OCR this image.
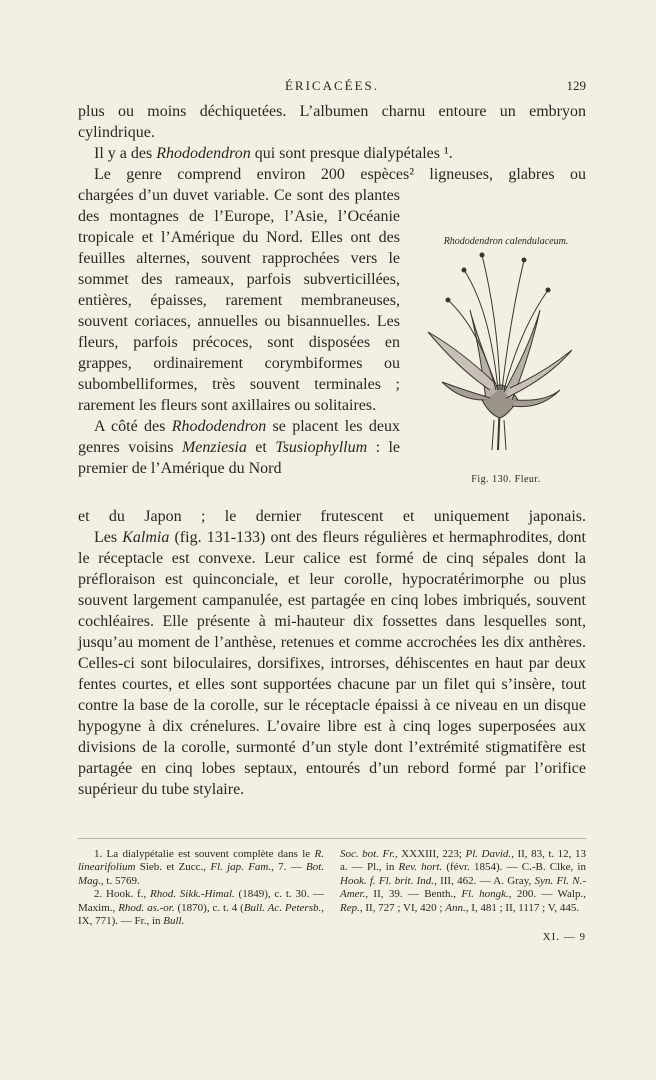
ÉRICACÉES.	129

plus ou moins déchiquetées. L’albumen charnu entoure un embryon cylindrique.

Il y a des Rhododendron qui sont presque dialypétales ¹.

Le genre comprend environ 200 espèces² ligneuses, glabres ou

chargées d’un duvet variable. Ce sont des plantes des montagnes de l’Europe, l’Asie, l’Océanie tropicale et l’Amérique du Nord. Elles ont des feuilles alternes, souvent rapprochées vers le sommet des rameaux, parfois subverticillées, entières, épaisses, rarement membraneuses, souvent coriaces, annuelles ou bisannuelles. Les fleurs, parfois précoces, sont disposées en grappes, ordinairement corymbiformes ou subombelliformes, très souvent terminales ; rarement les fleurs sont axillaires ou solitaires.

A côté des Rhododendron se placent les deux genres voisins Menziesia et Tsusiophyllum : le premier de l’Amérique du Nord

et du Japon ; le dernier frutescent et uniquement japonais.

Les Kalmia (fig. 131-133) ont des fleurs régulières et hermaphrodites, dont le réceptacle est convexe. Leur calice est formé de cinq sépales dont la préfloraison est quinconciale, et leur corolle, hypocratérimorphe ou plus souvent largement campanulée, est partagée en cinq lobes imbriqués, souvent cochléaires. Elle présente à mi-hauteur dix fossettes dans lesquelles sont, jusqu’au moment de l’anthèse, retenues et comme accrochées les dix anthères. Celles-ci sont biloculaires, dorsifixes, introrses, déhiscentes en haut par deux fentes courtes, et elles sont supportées chacune par un filet qui s’insère, tout contre la base de la corolle, sur le réceptacle épaissi à ce niveau en un disque hypogyne à dix crénelures. L’ovaire libre est à cinq loges superposées aux divisions de la corolle, surmonté d’un style dont l’extrémité stigmatifère est partagée en cinq lobes septaux, entourés d’un rebord formé par l’orifice supérieur du tube stylaire.

Rhododendron calendulaceum.
Fig. 130. Fleur.

1. La dialypétalie est souvent complète dans le R. linearifolium Sieb. et Zucc., Fl. jap. Fam., 7. — Bot. Mag., t. 5769.

2. Hook. f., Rhod. Sikk.-Himal. (1849), c. t. 30. — Maxim., Rhod. as.-or. (1870), c. t. 4 (Bull. Ac. Petersb., IX, 771). — Fr., in Bull.

Soc. bot. Fr., XXXIII, 223; Pl. David., II, 83, t. 12, 13 a. — Pl., in Rev. hort. (févr. 1854). — C.-B. Clke, in Hook. f. Fl. brit. Ind., III, 462. — A. Gray, Syn. Fl. N.-Amer., II, 39. — Benth., Fl. hongk., 200. — Walp., Rep., II, 727 ; VI, 420 ; Ann., I, 481 ; II, 1117 ; V, 445.

XI. — 9
